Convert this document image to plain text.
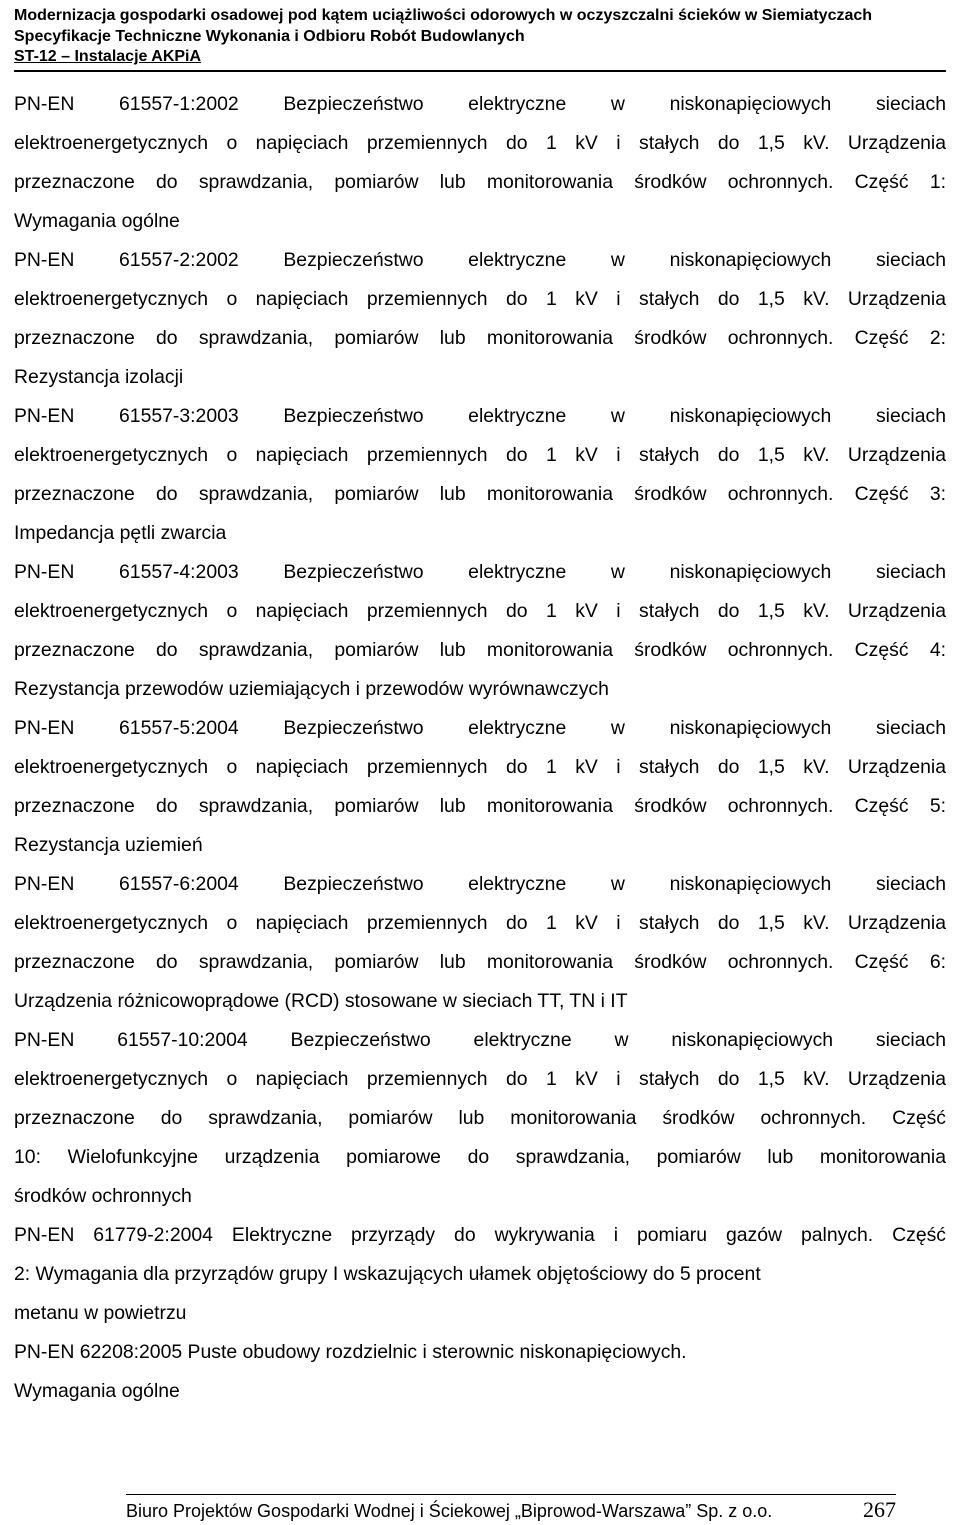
Modernizacja gospodarki osadowej pod kątem uciążliwości odorowych w oczyszczalni ścieków w Siemiatyczach
Specyfikacje Techniczne Wykonania i Odbioru Robót Budowlanych
ST-12 – Instalacje AKPiA
PN-EN 61557-1:2002 Bezpieczeństwo elektryczne w niskonapięciowych sieciach
elektroenergetycznych o napięciach przemiennych do 1 kV i stałych do 1,5 kV. Urządzenia
przeznaczone do sprawdzania, pomiarów lub monitorowania środków ochronnych. Część 1:
Wymagania ogólne
PN-EN 61557-2:2002 Bezpieczeństwo elektryczne w niskonapięciowych sieciach
elektroenergetycznych o napięciach przemiennych do 1 kV i stałych do 1,5 kV. Urządzenia
przeznaczone do sprawdzania, pomiarów lub monitorowania środków ochronnych. Część 2:
Rezystancja izolacji
PN-EN 61557-3:2003 Bezpieczeństwo elektryczne w niskonapięciowych sieciach
elektroenergetycznych o napięciach przemiennych do 1 kV i stałych do 1,5 kV. Urządzenia
przeznaczone do sprawdzania, pomiarów lub monitorowania środków ochronnych. Część 3:
Impedancja pętli zwarcia
PN-EN 61557-4:2003 Bezpieczeństwo elektryczne w niskonapięciowych sieciach
elektroenergetycznych o napięciach przemiennych do 1 kV i stałych do 1,5 kV. Urządzenia
przeznaczone do sprawdzania, pomiarów lub monitorowania środków ochronnych. Część 4:
Rezystancja przewodów uziemiających i przewodów wyrównawczych
PN-EN 61557-5:2004 Bezpieczeństwo elektryczne w niskonapięciowych sieciach
elektroenergetycznych o napięciach przemiennych do 1 kV i stałych do 1,5 kV. Urządzenia
przeznaczone do sprawdzania, pomiarów lub monitorowania środków ochronnych. Część 5:
Rezystancja uziemień
PN-EN 61557-6:2004 Bezpieczeństwo elektryczne w niskonapięciowych sieciach
elektroenergetycznych o napięciach przemiennych do 1 kV i stałych do 1,5 kV. Urządzenia
przeznaczone do sprawdzania, pomiarów lub monitorowania środków ochronnych. Część 6:
Urządzenia różnicowoprądowe (RCD) stosowane w sieciach TT, TN i IT
PN-EN 61557-10:2004 Bezpieczeństwo elektryczne w niskonapięciowych sieciach
elektroenergetycznych o napięciach przemiennych do 1 kV i stałych do 1,5 kV. Urządzenia
przeznaczone do sprawdzania, pomiarów lub monitorowania środków ochronnych. Część
10: Wielofunkcyjne urządzenia pomiarowe do sprawdzania, pomiarów lub monitorowania
środków ochronnych
PN-EN 61779-2:2004 Elektryczne przyrządy do wykrywania i pomiaru gazów palnych. Część
2: Wymagania dla przyrządów grupy I wskazujących ułamek objętościowy do 5 procent
metanu w powietrzu
PN-EN 62208:2005 Puste obudowy rozdzielnic i sterownic niskonapięciowych.
Wymagania ogólne
Biuro Projektów Gospodarki Wodnej i Ściekowej „Biprowod-Warszawa” Sp. z o.o.	267
